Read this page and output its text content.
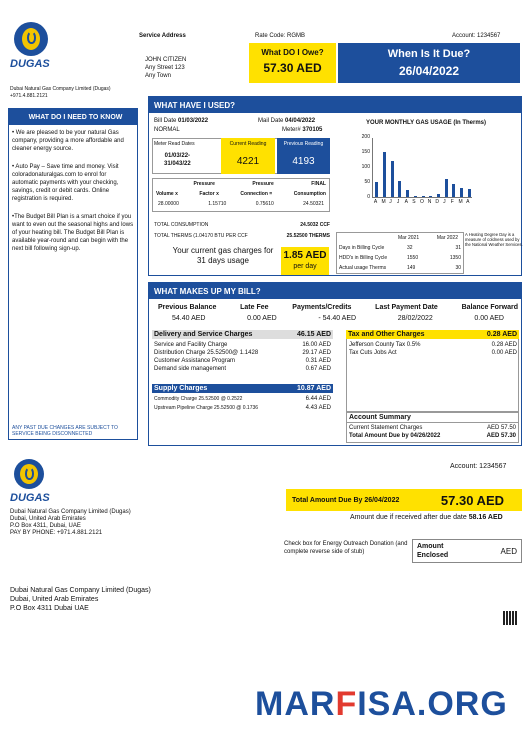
DUGAS
Dubai Natural Gas Company Limited (Dugas)
+971.4.881.2121
WHAT DO I NEED TO KNOW

• We are pleased to be your natural Gas company, providing a more affordable and cleaner energy source.

• Auto Pay – Save time and money. Visit coloradonaturalgas.com to enrol for automatic payments with your checking, savings, credit or debit cards. Online registration is required.

•The Budget Bill Plan is a smart choice if you want to even out the seasonal highs and lows of your heating bill. The Budget Bill Plan is available year-round and can begin with the next bill following sign-up.

ANY PAST DUE CHANGES ARE SUBJECT TO SERVICE BEING DISCONNECTED
Service Address	Rate Code: RGMB	Account: 1234567
JOHN CITIZEN
Any Street 123
Any Town
What DO I Owe?
57.30 AED
When Is It Due?
26/04/2022
WHAT HAVE I USED?
Bill Date 01/03/2022	Mail Date 04/04/2022
NORMAL	Meter# 370105
Meter Read Dates	Current Reading
4221
Previous Reading
4193
01/03/22-
31/043/22
Pressure	Pressure	FINAL
Volume x	Factor x	Connection =	Consumption
28.00000	1.15710	0.75610	24.50321
TOTAL CONSUMPTION	24.5032 CCF
TOTAL THERMS (1.04170 BTU PER CCF	25.52500 THERMS
Your current gas charges for 31 days usage	1.85 AED
per day
YOUR MONTHLY GAS USAGE (In Therms)
0
50
100
150
200
A M J J A S O N D J F M A
Mar 2021	Mar 2022
Days in Billing Cycle	32	31
HDD's in Billing Cycle	1550	1350
Actual usage Therms	149	30
A Heating Degree Day is a measure of coldness used by the National Weather Services.
WHAT MAKES UP MY BILL?
Previous Balance	Late Fee	Payments/Credits	Last Payment Date	Balance Forward
54.40 AED	0.00 AED	- 54.40 AED	28/02/2022	0.00 AED
Delivery and Service Charges	46.15 AED
Service and Facility Charge	16.00 AED
Distribution Charge 25.52500@ 1.1428	29.17 AED
Customer Assistance Program	0.31 AED
Demand side management	0.67 AED
Supply Charges	10.87 AED
Commodity Charge 25.52500 @ 0.2522	6.44 AED
Upstream Pipeline Charge 25.52500 @ 0.1736	4.43 AED
Tax and Other Charges	0.28 AED
Jefferson County Tax 0.5%	0.28 AED
Tax Cuts Jobs Act	0.00 AED
Account Summary
Current Statement Charges	AED 57.50
Total Amount Due by 04/26/2022	AED 57.30
DUGAS
Dubai Natural Gas Company Limited (Dugas)
Dubai, United Arab Emirates
P.O Box 4311, Dubai, UAE
PAY BY PHONE: +971.4.881.2121
Account: 1234567
Total Amount Due By 26/04/2022	57.30 AED
Amount due if received after due date 58.16 AED
Check box for Energy Outreach Donation (and complete reverse side of stub)
Amount Enclosed	AED
Dubai Natural Gas Company Limited (Dugas)
Dubai, United Arab Emirates
P.O Box 4311 Dubai UAE
MARFISA.ORG
